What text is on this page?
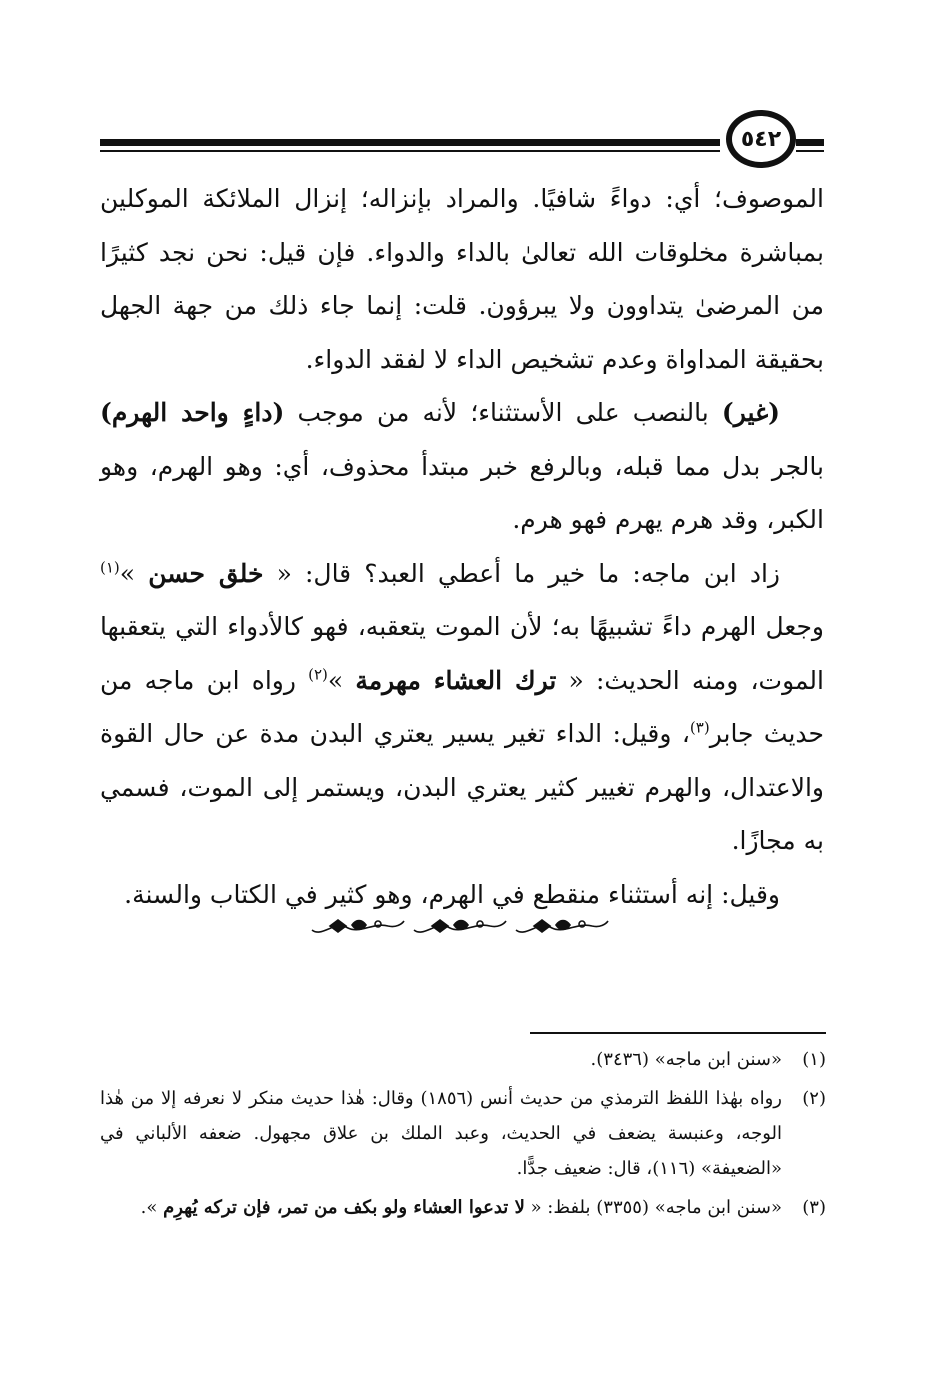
٥٤٢

الموصوف؛ أي: دواءً شافيًا. والمراد بإنزاله؛ إنزال الملائكة الموكلين بمباشرة مخلوقات الله تعالىٰ بالداء والدواء. فإن قيل: نحن نجد كثيرًا من المرضىٰ يتداوون ولا يبرؤون. قلت: إنما جاء ذلك من جهة الجهل بحقيقة المداواة وعدم تشخيص الداء لا لفقد الدواء.

(غير) بالنصب على الأستثناء؛ لأنه من موجب (داءٍ واحد الهرم) بالجر بدل مما قبله، وبالرفع خبر مبتدأ محذوف، أي: وهو الهرم، وهو الكبر، وقد هرم يهرم فهو هرم.

زاد ابن ماجه: ما خير ما أعطي العبد؟ قال: « خلق حسن »$^{(١)}$ وجعل الهرم داءً تشبيهًا به؛ لأن الموت يتعقبه، فهو كالأدواء التي يتعقبها الموت، ومنه الحديث: « ترك العشاء مهرمة »$^{(٢)}$ رواه ابن ماجه من حديث جابر$^{(٣)}$، وقيل: الداء تغير يسير يعتري البدن مدة عن حال القوة والاعتدال، والهرم تغيير كثير يعتري البدن، ويستمر إلى الموت، فسمي به مجازًا.

وقيل: إنه أستثناء منقطع في الهرم، وهو كثير في الكتاب والسنة.

(١)
«سنن ابن ماجه» (٣٤٣٦).
(٢)
رواه بهٰذا اللفظ الترمذي من حديث أنس (١٨٥٦) وقال: هٰذا حديث منكر لا نعرفه إلا من هٰذا الوجه، وعنبسة يضعف في الحديث، وعبد الملك بن علاق مجهول. ضعفه الألباني في «الضعيفة» (١١٦)، قال: ضعيف جدًّا.
(٣)
«سنن ابن ماجه» (٣٣٥٥) بلفظ: « لا تدعوا العشاء ولو بكف من تمر، فإن تركه يُهرِم ».
